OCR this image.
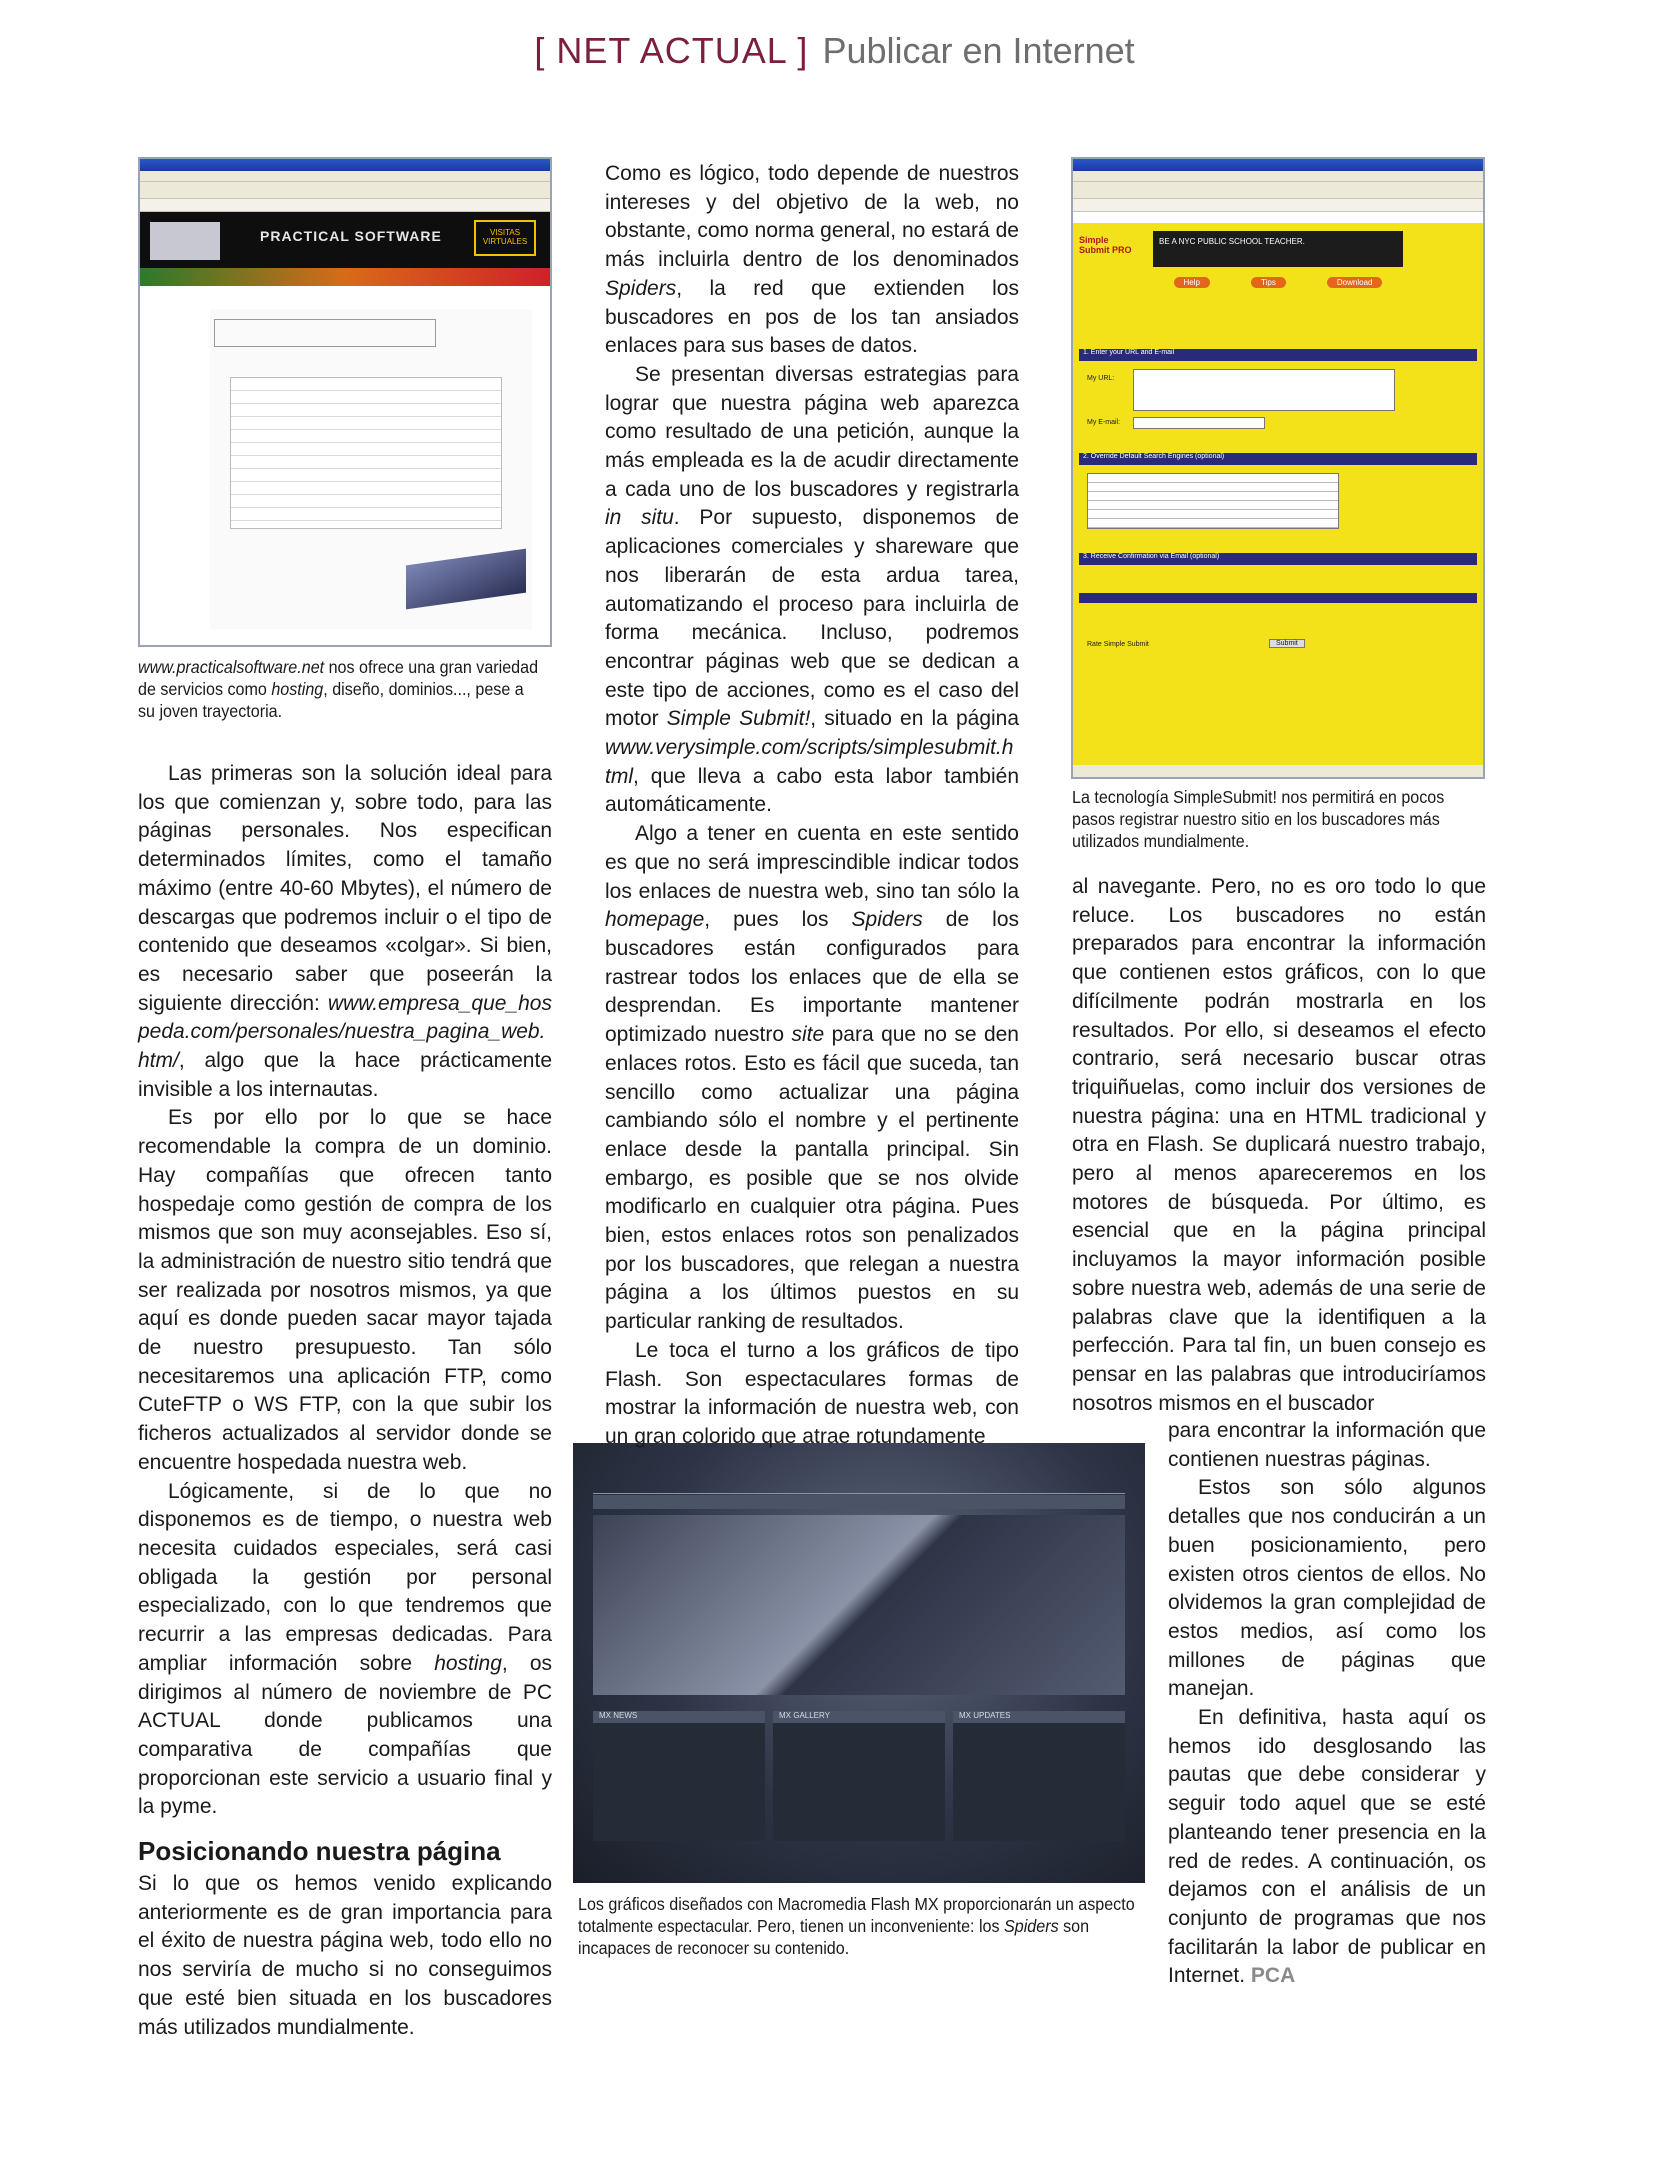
[ NET ACTUAL ] Publicar en Internet
PRACTICAL SOFTWARE	VISITAS VIRTUALES
www.practicalsoftware.net nos ofrece una gran variedad de servicios como hosting, diseño, dominios..., pese a su joven trayectoria.
Simple Submit PRO
BE A NYC PUBLIC SCHOOL TEACHER.
Help	Tips	Download
1. Enter your URL and E-mail
My URL:
My E-mail:
2. Override Default Search Engines (optional)
3. Receive Confirmation via Email (optional)
Rate Simple Submit	Submit
La tecnología SimpleSubmit! nos permitirá en pocos pasos registrar nuestro sitio en los buscadores más utilizados mundialmente.
MX NEWS	MX GALLERY	MX UPDATES
Los gráficos diseñados con Macromedia Flash MX proporcionarán un aspecto totalmente espectacular. Pero, tienen un inconveniente: los Spiders son incapaces de reconocer su contenido.

Las primeras son la solución ideal para los que comienzan y, sobre todo, para las páginas personales. Nos especifican determinados límites, como el tamaño máximo (entre 40-60 Mbytes), el número de descargas que podremos incluir o el tipo de contenido que deseamos «colgar». Si bien, es necesario saber que poseerán la siguiente dirección: www.empresa_que_hospeda.com/personales/nuestra_pagina_web.htm/, algo que la hace prácticamente invisible a los internautas.

Es por ello por lo que se hace recomendable la compra de un dominio. Hay compañías que ofrecen tanto hospedaje como gestión de compra de los mismos que son muy aconsejables. Eso sí, la administración de nuestro sitio tendrá que ser realizada por nosotros mismos, ya que aquí es donde pueden sacar mayor tajada de nuestro presupuesto. Tan sólo necesitaremos una aplicación FTP, como CuteFTP o WS FTP, con la que subir los ficheros actualizados al servidor donde se encuentre hospedada nuestra web.

Lógicamente, si de lo que no disponemos es de tiempo, o nuestra web necesita cuidados especiales, será casi obligada la gestión por personal especializado, con lo que tendremos que recurrir a las empresas dedicadas. Para ampliar información sobre hosting, os dirigimos al número de noviembre de PC ACTUAL donde publicamos una comparativa de compañías que proporcionan este servicio a usuario final y la pyme.

Posicionando nuestra página

Si lo que os hemos venido explicando anteriormente es de gran importancia para el éxito de nuestra página web, todo ello no nos serviría de mucho si no conseguimos que esté bien situada en los buscadores más utilizados mundialmente.

Como es lógico, todo depende de nuestros intereses y del objetivo de la web, no obstante, como norma general, no estará de más incluirla dentro de los denominados Spiders, la red que extienden los buscadores en pos de los tan ansiados enlaces para sus bases de datos.

Se presentan diversas estrategias para lograr que nuestra página web aparezca como resultado de una petición, aunque la más empleada es la de acudir directamente a cada uno de los buscadores y registrarla in situ. Por supuesto, disponemos de aplicaciones comerciales y shareware que nos liberarán de esta ardua tarea, automatizando el proceso para incluirla de forma mecánica. Incluso, podremos encontrar páginas web que se dedican a este tipo de acciones, como es el caso del motor Simple Submit!, situado en la página www.verysimple.com/scripts/simplesubmit.html, que lleva a cabo esta labor también automáticamente.

Algo a tener en cuenta en este sentido es que no será imprescindible indicar todos los enlaces de nuestra web, sino tan sólo la homepage, pues los Spiders de los buscadores están configurados para rastrear todos los enlaces que de ella se desprendan. Es importante mantener optimizado nuestro site para que no se den enlaces rotos. Esto es fácil que suceda, tan sencillo como actualizar una página cambiando sólo el nombre y el pertinente enlace desde la pantalla principal. Sin embargo, es posible que se nos olvide modificarlo en cualquier otra página. Pues bien, estos enlaces rotos son penalizados por los buscadores, que relegan a nuestra página a los últimos puestos en su particular ranking de resultados.

Le toca el turno a los gráficos de tipo Flash. Son espectaculares formas de mostrar la información de nuestra web, con un gran colorido que atrae rotundamente

al navegante. Pero, no es oro todo lo que reluce. Los buscadores no están preparados para encontrar la información que contienen estos gráficos, con lo que difícilmente podrán mostrarla en los resultados. Por ello, si deseamos el efecto contrario, será necesario buscar otras triquiñuelas, como incluir dos versiones de nuestra página: una en HTML tradicional y otra en Flash. Se duplicará nuestro trabajo, pero al menos apareceremos en los motores de búsqueda. Por último, es esencial que en la página principal incluyamos la mayor información posible sobre nuestra web, además de una serie de palabras clave que la identifiquen a la perfección. Para tal fin, un buen consejo es pensar en las palabras que introduciríamos nosotros mismos en el buscador

para encontrar la información que contienen nuestras páginas.

Estos son sólo algunos detalles que nos conducirán a un buen posicionamiento, pero existen otros cientos de ellos. No olvidemos la gran complejidad de estos medios, así como los millones de páginas que manejan.

En definitiva, hasta aquí os hemos ido desglosando las pautas que debe considerar y seguir todo aquel que se esté planteando tener presencia en la red de redes. A continuación, os dejamos con el análisis de un conjunto de programas que nos facilitarán la labor de publicar en Internet. PCA
